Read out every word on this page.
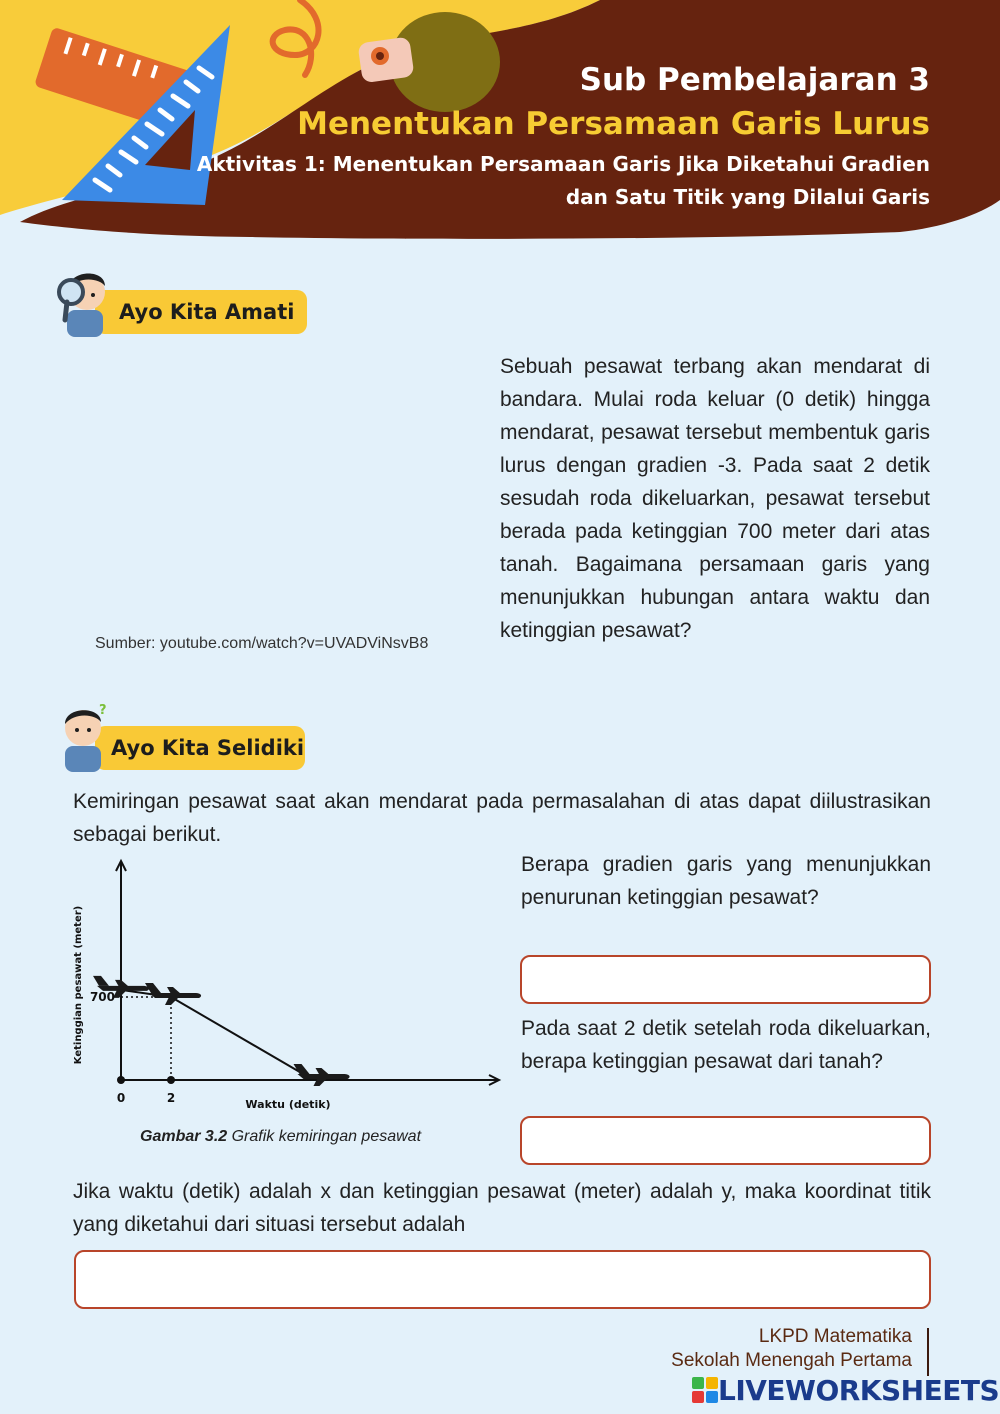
Sub Pembelajaran 3
Menentukan Persamaan Garis Lurus
Aktivitas 1: Menentukan Persamaan Garis Jika Diketahui Gradien
dan Satu Titik yang Dilalui Garis
Ayo Kita Amati
Sebuah pesawat terbang akan mendarat di bandara. Mulai roda keluar (0 detik) hingga mendarat, pesawat tersebut membentuk garis lurus dengan gradien -3. Pada saat 2 detik sesudah roda dikeluarkan, pesawat tersebut berada pada ketinggian 700 meter dari atas tanah. Bagaimana persamaan garis yang menunjukkan hubungan antara waktu dan ketinggian pesawat?
Sumber: youtube.com/watch?v=UVADViNsvB8
Ayo Kita Selidiki
?
Kemiringan pesawat saat akan mendarat pada permasalahan di atas dapat diilustrasikan sebagai berikut.
0	2
700
Waktu (detik)
Ketinggian pesawat (meter)
Gambar 3.2 Grafik kemiringan pesawat
Berapa gradien garis yang menunjukkan penurunan ketinggian pesawat?
Pada saat 2 detik setelah roda dikeluarkan, berapa ketinggian pesawat dari tanah?
Jika waktu (detik) adalah x dan ketinggian pesawat (meter) adalah y, maka koordinat titik yang diketahui dari situasi tersebut adalah
LKPD Matematika
Sekolah Menengah Pertama
LIVEWORKSHEETS
